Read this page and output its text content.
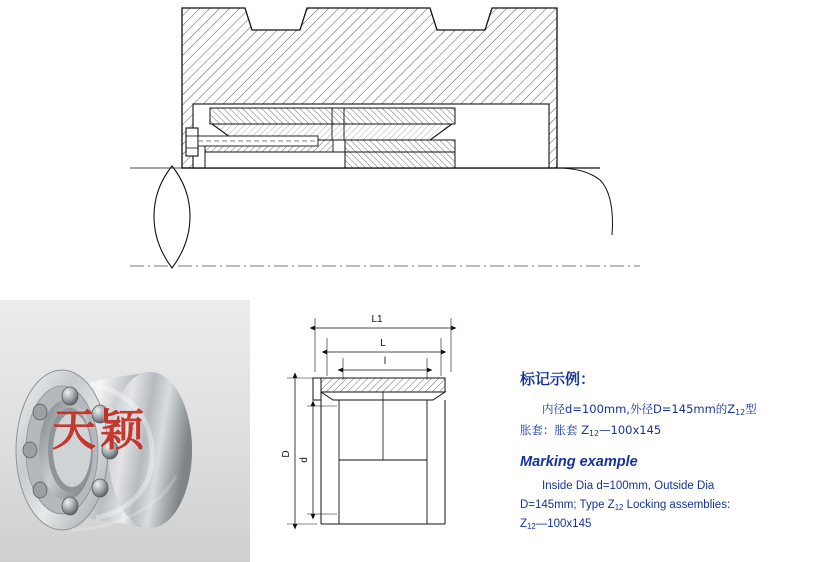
天颖
L1
L
l
D
d
标记示例：
内径d=100mm,外径D=145mm的$Z_{12}$型
胀套：胀套 $Z_{12}—100x145$
Marking example
Inside Dia d=100mm, Outside Dia
D=145mm; Type $Z_{12}$ Locking assemblies:
$Z_{12}—100x145$
